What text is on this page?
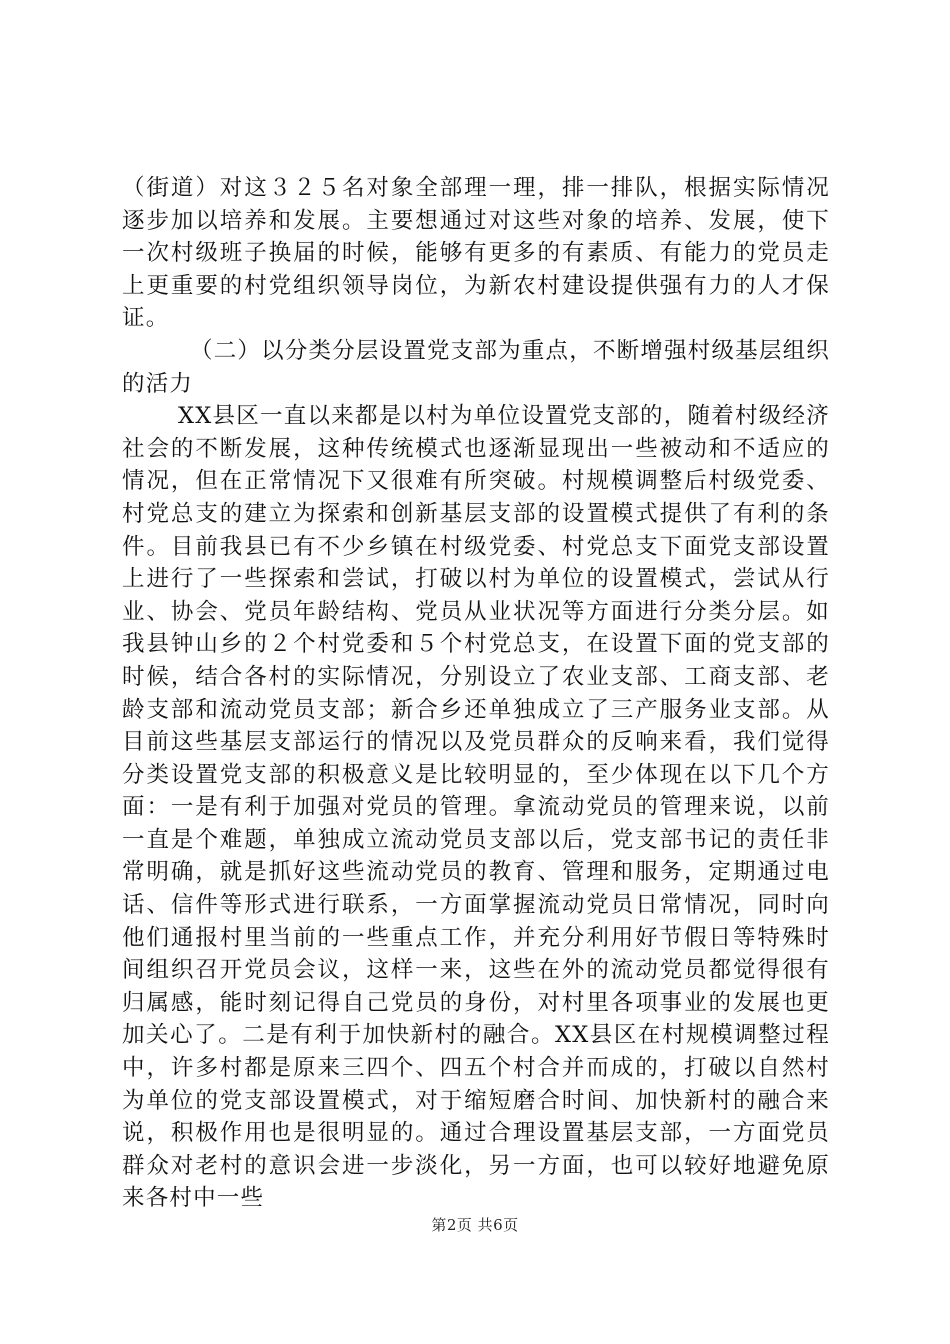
（街道）对这３２５名对象全部理一理，排一排队，根据实际情况逐步加以培养和发展。主要想通过对这些对象的培养、发展，使下一次村级班子换届的时候，能够有更多的有素质、有能力的党员走上更重要的村党组织领导岗位，为新农村建设提供强有力的人才保证。

（二）以分类分层设置党支部为重点，不断增强村级基层组织的活力

XX县区一直以来都是以村为单位设置党支部的，随着村级经济社会的不断发展，这种传统模式也逐渐显现出一些被动和不适应的情况，但在正常情况下又很难有所突破。村规模调整后村级党委、村党总支的建立为探索和创新基层支部的设置模式提供了有利的条件。目前我县已有不少乡镇在村级党委、村党总支下面党支部设置上进行了一些探索和尝试，打破以村为单位的设置模式，尝试从行业、协会、党员年龄结构、党员从业状况等方面进行分类分层。如我县钟山乡的２个村党委和５个村党总支，在设置下面的党支部的时候，结合各村的实际情况，分别设立了农业支部、工商支部、老龄支部和流动党员支部；新合乡还单独成立了三产服务业支部。从目前这些基层支部运行的情况以及党员群众的反响来看，我们觉得分类设置党支部的积极意义是比较明显的，至少体现在以下几个方面：一是有利于加强对党员的管理。拿流动党员的管理来说，以前一直是个难题，单独成立流动党员支部以后，党支部书记的责任非常明确，就是抓好这些流动党员的教育、管理和服务，定期通过电话、信件等形式进行联系，一方面掌握流动党员日常情况，同时向他们通报村里当前的一些重点工作，并充分利用好节假日等特殊时间组织召开党员会议，这样一来，这些在外的流动党员都觉得很有归属感，能时刻记得自己党员的身份，对村里各项事业的发展也更加关心了。二是有利于加快新村的融合。XX县区在村规模调整过程中，许多村都是原来三四个、四五个村合并而成的，打破以自然村为单位的党支部设置模式，对于缩短磨合时间、加快新村的融合来说，积极作用也是很明显的。通过合理设置基层支部，一方面党员群众对老村的意识会进一步淡化，另一方面，也可以较好地避免原来各村中一些

第2页 共6页
